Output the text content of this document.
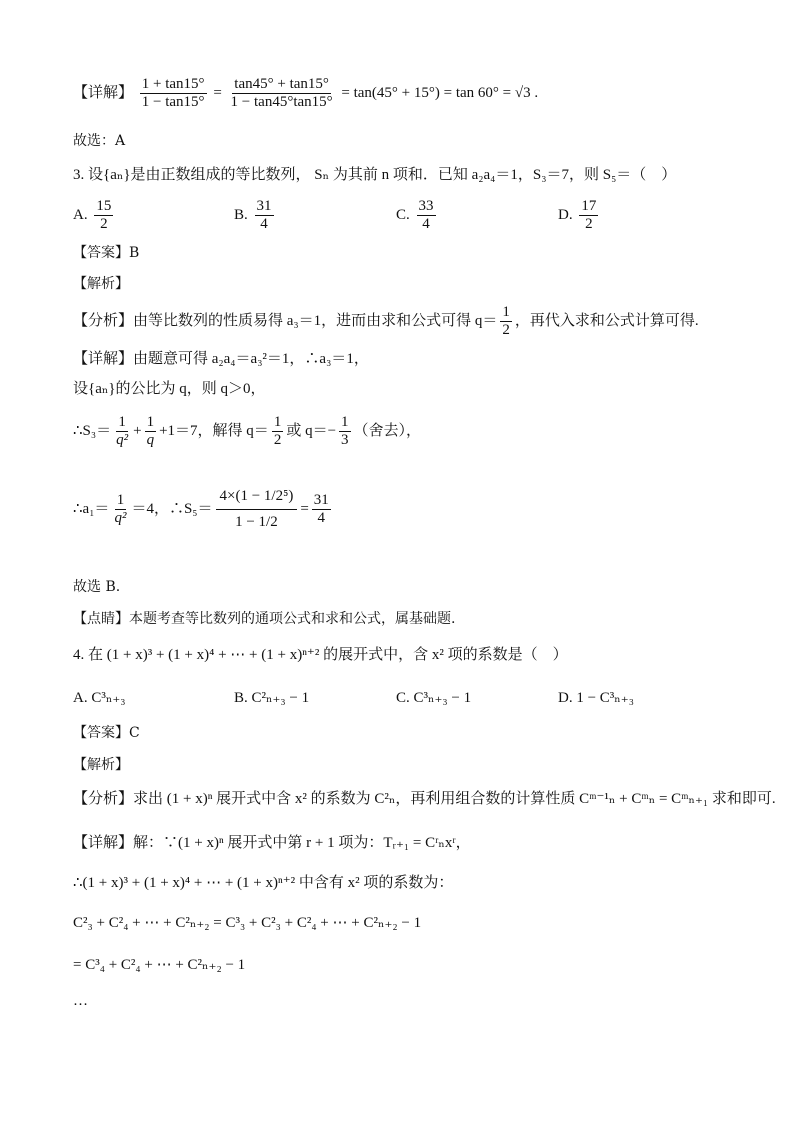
【详解】 $\frac{1 + \tan 15^\circ}{1 - \tan 15^\circ} = \frac{\tan 45^\circ + \tan 15^\circ}{1 - \tan 45^\circ\tan 15^\circ} = \tan(45^\circ + 15^\circ) = \tan 60^\circ = √3$ .
故选：A
3. 设{aₙ}是由正数组成的等比数列， Sₙ 为其前 n 项和．已知 a₂a₄＝1，S₃＝7，则 S₅＝（　）
A. $\frac{15}{2}$	B. $\frac{31}{4}$	C. $\frac{33}{4}$	D. $\frac{17}{2}$
【答案】B
【解析】
【分析】由等比数列的性质易得 a₃＝1，进而由求和公式可得 $q= \frac{1}{2}$ ，再代入求和公式计算可得.
【详解】由题意可得 a₂a₄＝a₃²＝1，∴a₃＝1，
设{aₙ}的公比为 q，则 q＞0，
∴S₃＝ $\frac{1}{\text{q²}} + \frac{1}{q} +1=7$，解得 $q= \frac{1}{2}$ 或 $q=- \frac{1}{3}$ （舍去），
∴a₁＝ $\frac{1}{\text{q²}} =4$，∴S₅＝ $\frac{\text{4×(1 − 1/2⁵)}}{1 - 1/2} = \frac{31}{4}$
故选 B.
【点睛】本题考查等比数列的通项公式和求和公式，属基础题.
4. 在 (1 + x)³ + (1 + x)⁴ + ⋯ + (1 + x)ⁿ⁺² 的展开式中，含 x² 项的系数是（　）
A. C³ₙ₊₃	B. C²ₙ₊₃ − 1	C. C³ₙ₊₃ − 1	D. 1 − C³ₙ₊₃
【答案】C
【解析】
【分析】求出 (1 + x)ⁿ 展开式中含 x² 的系数为 C²ₙ，再利用组合数的计算性质 Cᵐ⁻¹ₙ + Cᵐₙ = Cᵐₙ₊₁ 求和即可.
【详解】解：∵(1 + x)ⁿ 展开式中第 r + 1 项为：Tᵣ₊₁ = Cʳₙxʳ，
∴(1 + x)³ + (1 + x)⁴ + ⋯ + (1 + x)ⁿ⁺² 中含有 x² 项的系数为：
C²₃ + C²₄ + ⋯ + C²ₙ₊₂ = C³₃ + C²₃ + C²₄ + ⋯ + C²ₙ₊₂ − 1
= C³₄ + C²₄ + ⋯ + C²ₙ₊₂ − 1
…
